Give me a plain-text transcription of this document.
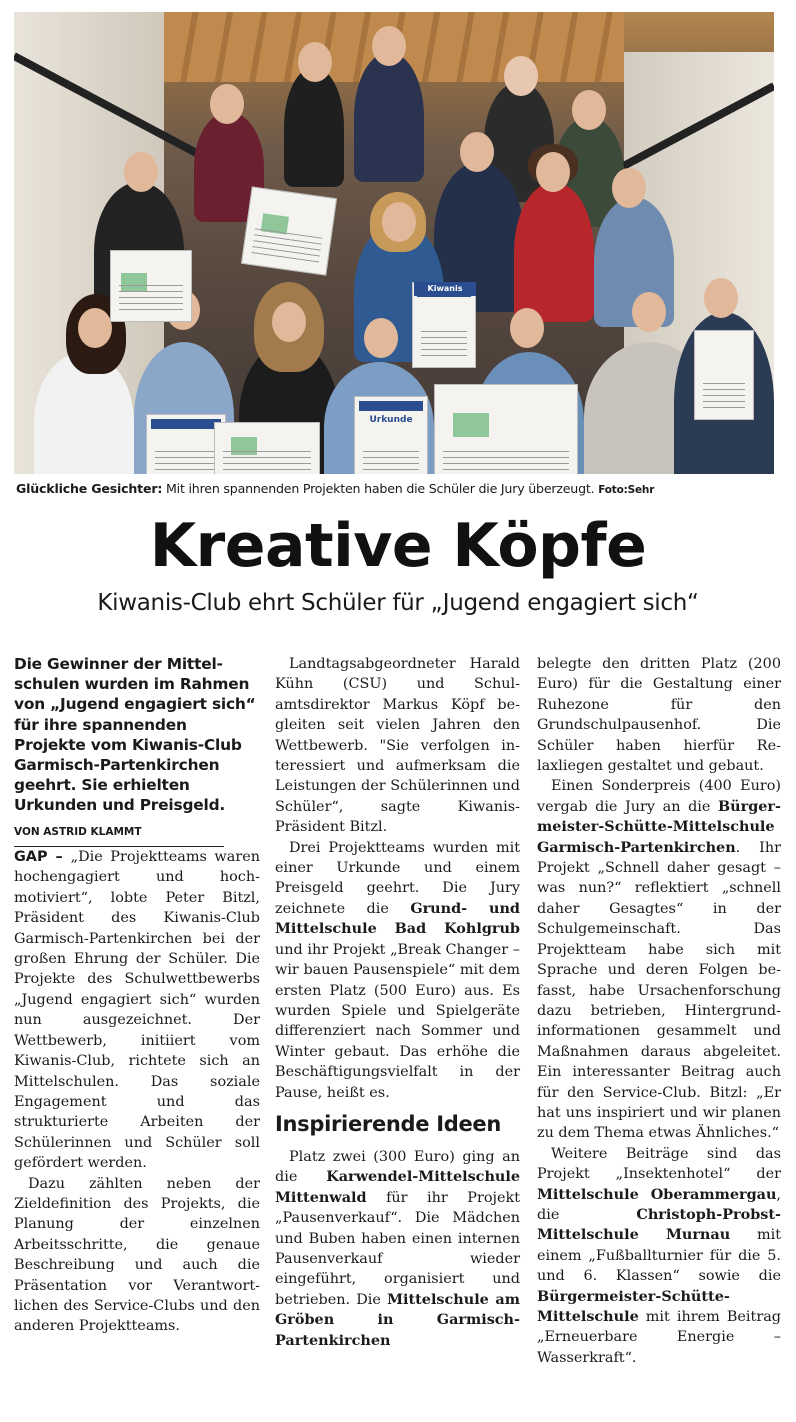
Urkunde
Kiwanis
Glückliche Gesichter: Mit ihren spannenden Projekten haben die Schüler die Jury überzeugt. Foto:Sehr
Kreative Köpfe
Kiwanis-Club ehrt Schüler für „Jugend engagiert sich“

Die Gewinner der Mittelschulen wurden im Rahmen von „Jugend engagiert sich“ für ihre spannenden Projekte vom Kiwanis-Club Garmisch-Partenkirchen geehrt. Sie erhielten Urkunden und Preisgeld.

VON ASTRID KLAMMT

GAP – „Die Projektteams waren hochengagiert und hochmotiviert“, lobte Peter Bitzl, Präsident des Kiwanis-Club Garmisch-Partenkirchen bei der großen Ehrung der Schüler. Die Projekte des Schulwettbewerbs „Jugend engagiert sich“ wurden nun ausgezeichnet. Der Wettbewerb, initiiert vom Kiwanis-Club, richtete sich an Mittelschulen. Das soziale Engagement und das strukturierte Arbeiten der Schülerinnen und Schüler soll gefördert werden.

Dazu zählten neben der Zieldefinition des Projekts, die Planung der einzelnen Arbeitsschritte, die genaue Beschreibung und auch die Präsentation vor Verantwortlichen des Service-Clubs und den anderen Projektteams.

Landtagsabgeordneter Harald Kühn (CSU) und Schulamtsdirektor Markus Köpf begleiten seit vielen Jahren den Wettbewerb. "Sie verfolgen interessiert und aufmerksam die Leistungen der Schülerinnen und Schüler“, sagte Kiwanis-Präsident Bitzl.

Drei Projektteams wurden mit einer Urkunde und einem Preisgeld geehrt. Die Jury zeichnete die Grund- und Mittelschule Bad Kohlgrub und ihr Projekt „Break Changer – wir bauen Pausenspiele“ mit dem ersten Platz (500 Euro) aus. Es wurden Spiele und Spielgeräte differenziert nach Sommer und Winter gebaut. Das erhöhe die Beschäftigungsvielfalt in der Pause, heißt es.

Inspirierende Ideen

Platz zwei (300 Euro) ging an die Karwendel-Mittelschule Mittenwald für ihr Projekt „Pausenverkauf“. Die Mädchen und Buben haben einen internen Pausenverkauf wieder eingeführt, organisiert und betrieben. Die Mittelschule am Gröben in Garmisch-Partenkirchen

belegte den dritten Platz (200 Euro) für die Gestaltung einer Ruhezone für den Grundschulpausenhof. Die Schüler haben hierfür Relaxliegen gestaltet und gebaut.

Einen Sonderpreis (400 Euro) vergab die Jury an die Bürgermeister-Schütte-Mittelschule Garmisch-Partenkirchen. Ihr Projekt „Schnell daher gesagt – was nun?“ reflektiert „schnell daher Gesagtes“ in der Schulgemeinschaft. Das Projektteam habe sich mit Sprache und deren Folgen befasst, habe Ursachenforschung dazu betrieben, Hintergrundinformationen gesammelt und Maßnahmen daraus abgeleitet. Ein interessanter Beitrag auch für den Service-Club. Bitzl: „Er hat uns inspiriert und wir planen zu dem Thema etwas Ähnliches.“

Weitere Beiträge sind das Projekt „Insektenhotel“ der Mittelschule Oberammergau, die Christoph-Probst-Mittelschule Murnau mit einem „Fußballturnier für die 5. und 6. Klassen“ sowie die Bürgermeister-Schütte-Mittelschule mit ihrem Beitrag „Erneuerbare Energie – Wasserkraft“.
